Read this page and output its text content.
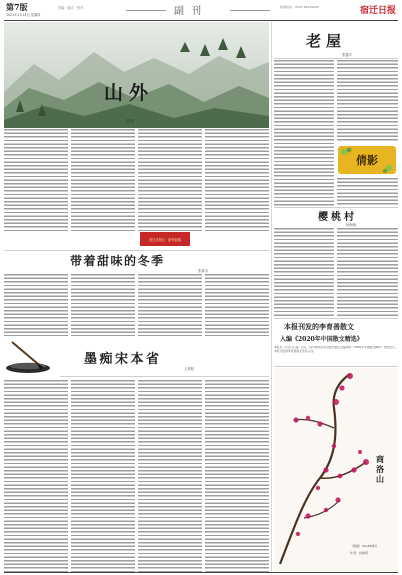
第7版
2021年1月14日 星期四
责编 · 版式 · 校对	副 刊	新闻热线：0527-84300000	宿迁日报
山外
葛 阳
宿迁日报社 · 副刊征稿
带着甜味的冬季
张林芬
墨痴宋本省
王晨阳
老屋
张馨宇
倩影
樱桃村
杨海蓉
本报刊发的李育善散文
入编《2020年中国散文精选》
本报讯（记者 李 丽）近日，由中国作家协会散文委员会编选的《2020年中国散文精选》出版发行，本报刊发的李育善散文作品入选。
商洛山
（国画）66x45厘米
作者：杨晓明
